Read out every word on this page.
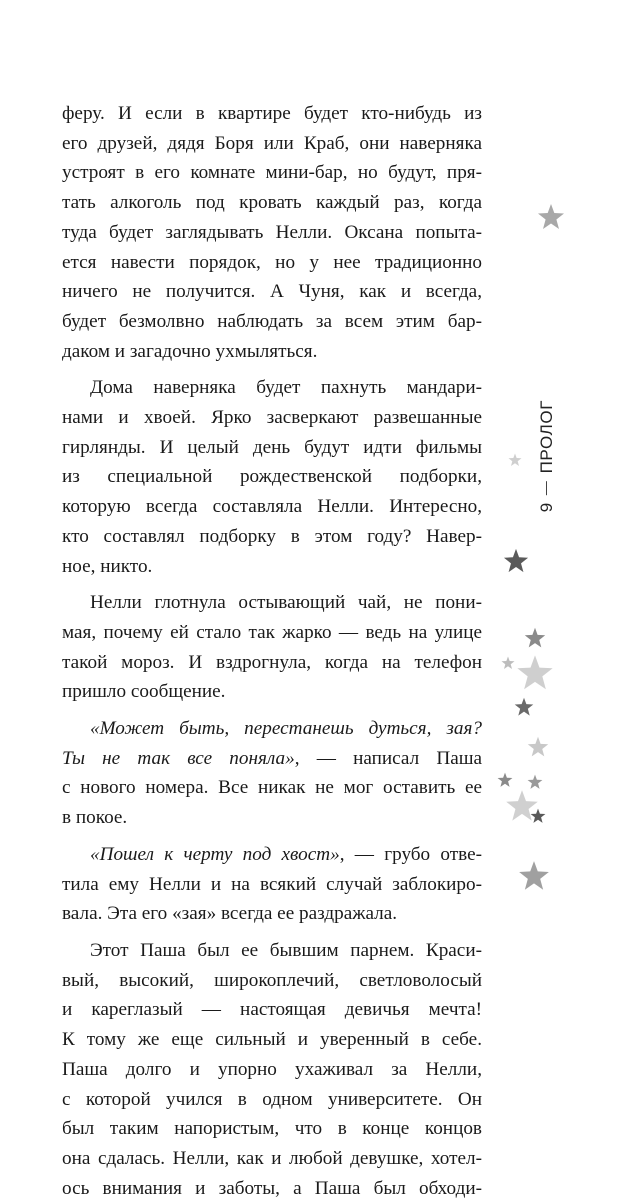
феру. И если в квартире будет кто-нибудь из

его друзей, дядя Боря или Краб, они наверняка

устроят в его комнате мини-бар, но будут, пря-

тать алкоголь под кровать каждый раз, когда

туда будет заглядывать Нелли. Оксана попыта-

ется навести порядок, но у нее традиционно

ничего не получится. А Чуня, как и всегда,

будет безмолвно наблюдать за всем этим бар-

даком и загадочно ухмыляться.

Дома наверняка будет пахнуть мандари-

нами и хвоей. Ярко засверкают развешанные

гирлянды. И целый день будут идти фильмы

из специальной рождественской подборки,

которую всегда составляла Нелли. Интересно,

кто составлял подборку в этом году? Навер-

ное, никто.

Нелли глотнула остывающий чай, не пони-

мая, почему ей стало так жарко — ведь на улице

такой мороз. И вздрогнула, когда на телефон

пришло сообщение.

«Может быть, перестанешь дуться, зая?

Ты не так все поняла», — написал Паша

с нового номера. Все никак не мог оставить ее

в покое.

«Пошел к черту под хвост», — грубо отве-

тила ему Нелли и на всякий случай заблокиро-

вала. Эта его «зая» всегда ее раздражала.

Этот Паша был ее бывшим парнем. Краси-

вый, высокий, широкоплечий, светловолосый

и кареглазый — настоящая девичья мечта!

К тому же еще сильный и уверенный в себе.

Паша долго и упорно ухаживал за Нелли,

с которой учился в одном университете. Он

был таким напористым, что в конце концов

она сдалась. Нелли, как и любой девушке, хотел-

ось внимания и заботы, а Паша был обходи-

ПРОЛОГ
9
